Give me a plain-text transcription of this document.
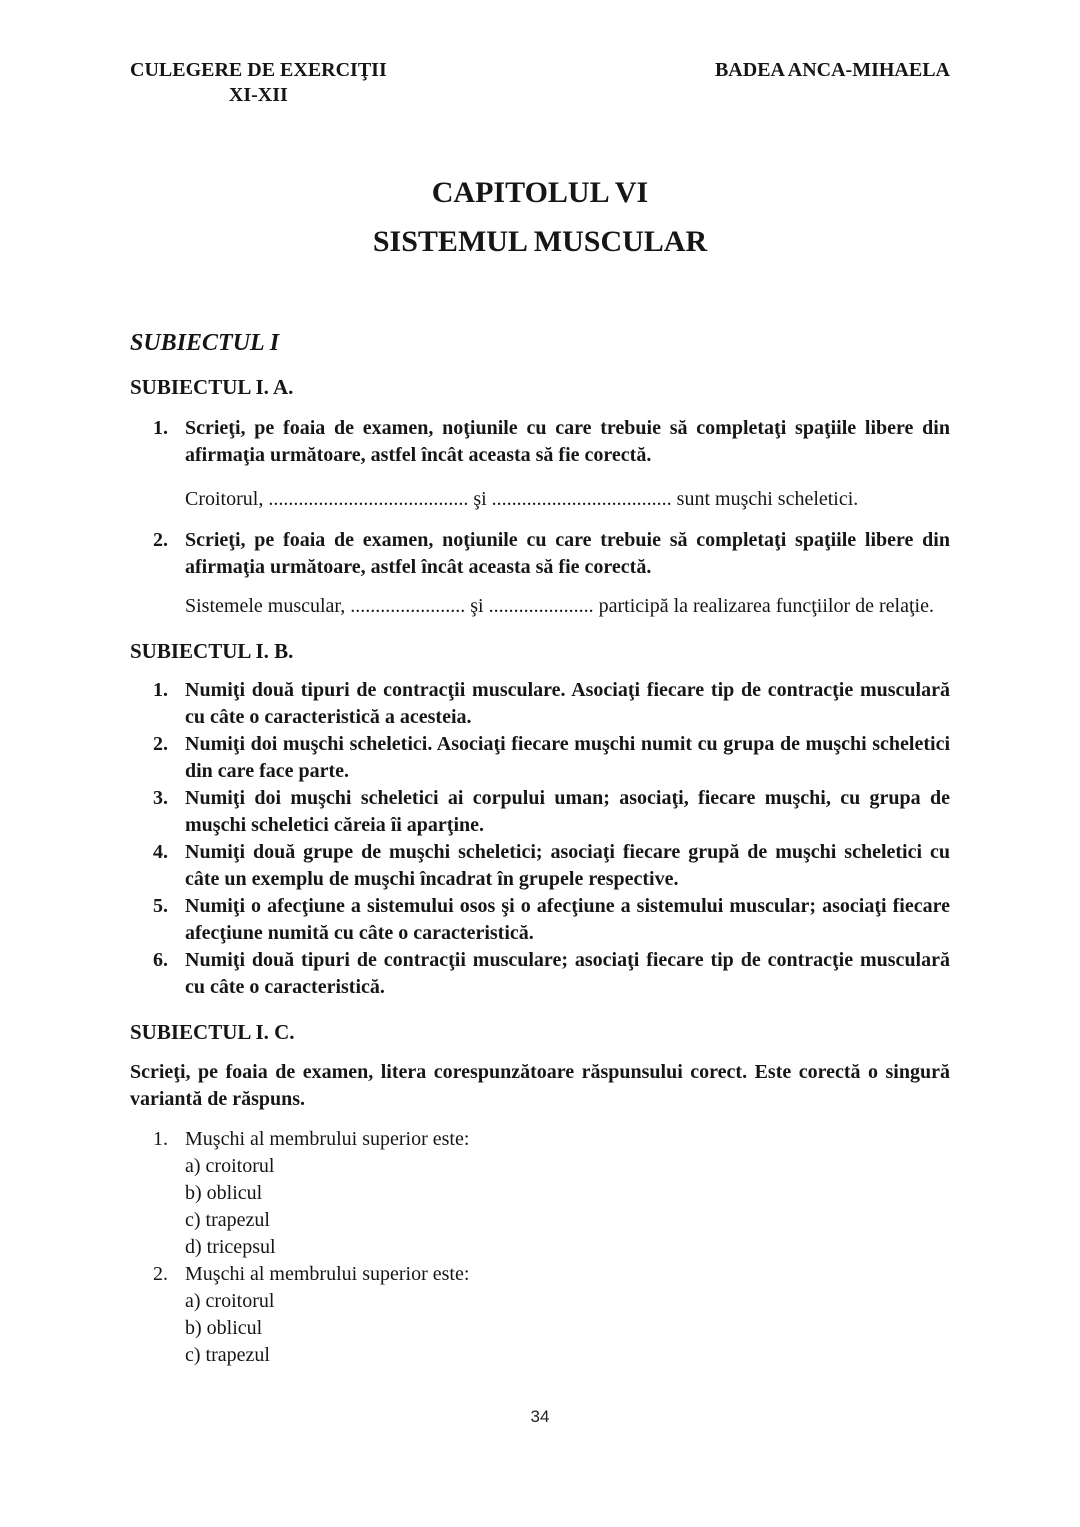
CULEGERE DE EXERCIŢII
XI-XII
BADEA ANCA-MIHAELA
CAPITOLUL VI
SISTEMUL MUSCULAR
SUBIECTUL I
SUBIECTUL I. A.
1. Scrieţi, pe foaia de examen, noţiunile cu care trebuie să completaţi spaţiile libere din afirmaţia următoare, astfel încât aceasta să fie corectă.

Croitorul, ........................................ şi .................................... sunt muşchi scheletici.

2. Scrieţi, pe foaia de examen, noţiunile cu care trebuie să completaţi spaţiile libere din afirmaţia următoare, astfel încât aceasta să fie corectă.

Sistemele muscular, ....................... şi ..................... participă la realizarea funcţiilor de relaţie.

SUBIECTUL I. B.
1. Numiţi două tipuri de contracţii musculare. Asociaţi fiecare tip de contracţie musculară cu câte o caracteristică a acesteia.
2. Numiţi doi muşchi scheletici. Asociaţi fiecare muşchi numit cu grupa de muşchi scheletici din care face parte.
3. Numiţi doi muşchi scheletici ai corpului uman; asociaţi, fiecare muşchi, cu grupa de muşchi scheletici căreia îi aparţine.
4. Numiţi două grupe de muşchi scheletici; asociaţi fiecare grupă de muşchi scheletici cu câte un exemplu de muşchi încadrat în grupele respective.
5. Numiţi o afecţiune a sistemului osos şi o afecţiune a sistemului muscular; asociaţi fiecare afecţiune numită cu câte o caracteristică.
6. Numiţi două tipuri de contracţii musculare; asociaţi fiecare tip de contracţie musculară cu câte o caracteristică.
SUBIECTUL I. C.

Scrieţi, pe foaia de examen, litera corespunzătoare răspunsului corect. Este corectă o singură variantă de răspuns.

1. Muşchi al membrului superior este:
a) croitorul
b) oblicul
c) trapezul
d) tricepsul
2. Muşchi al membrului superior este:
a) croitorul
b) oblicul
c) trapezul
34
